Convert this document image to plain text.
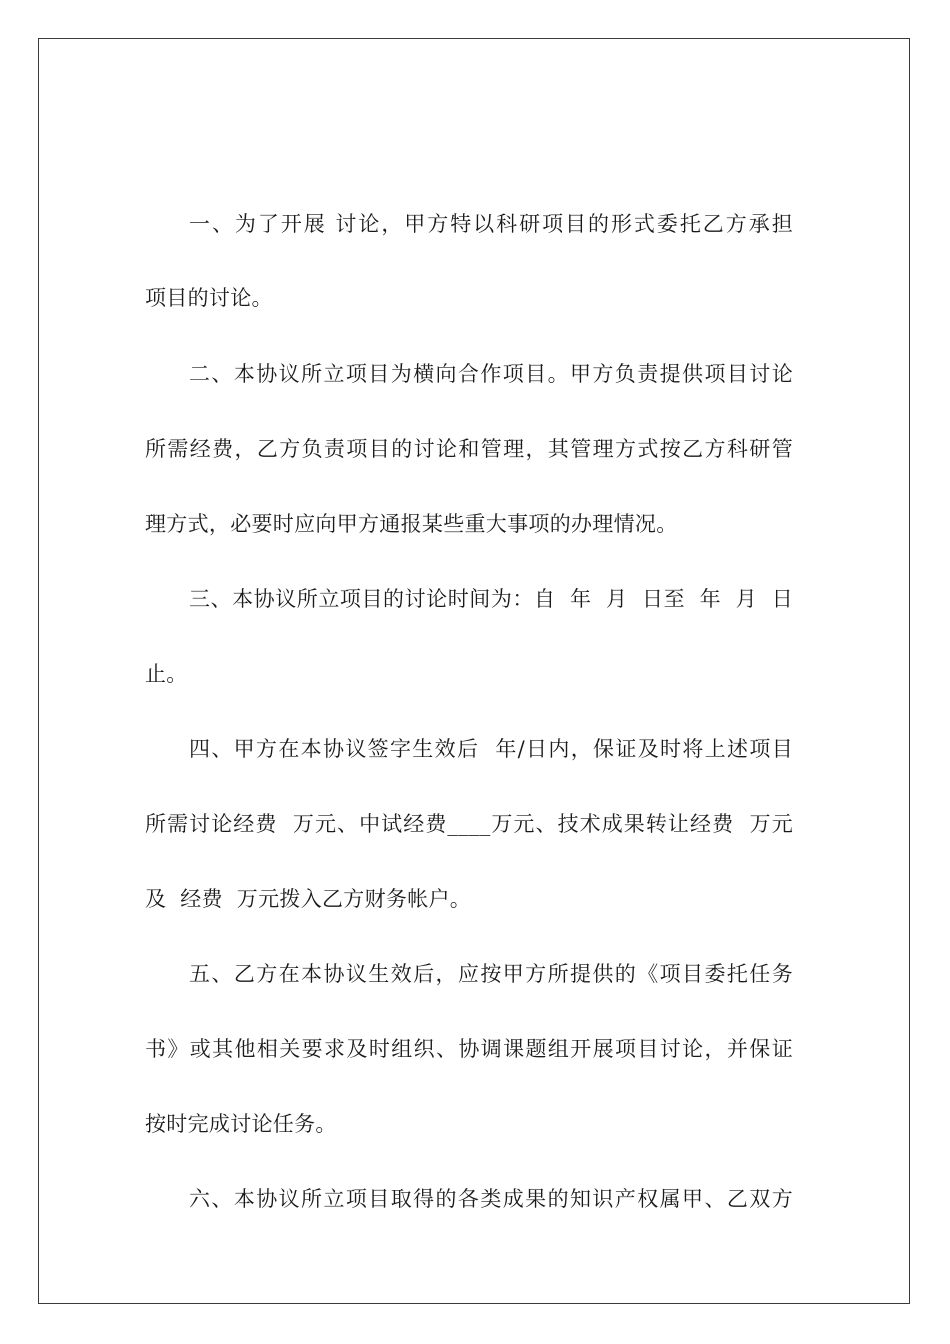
一、为了开展 讨论，甲方特以科研项目的形式委托乙方承担
项目的讨论。
二、本协议所立项目为横向合作项目。甲方负责提供项目讨论
所需经费，乙方负责项目的讨论和管理，其管理方式按乙方科研管
理方式，必要时应向甲方通报某些重大事项的办理情况。
三、本协议所立项目的讨论时间为：自  年  月  日至  年  月  日
止。
四、甲方在本协议签字生效后  年/日内，保证及时将上述项目
所需讨论经费  万元、中试经费____万元、技术成果转让经费  万元
及  经费  万元拨入乙方财务帐户。
五、乙方在本协议生效后，应按甲方所提供的《项目委托任务
书》或其他相关要求及时组织、协调课题组开展项目讨论，并保证
按时完成讨论任务。
六、本协议所立项目取得的各类成果的知识产权属甲、乙双方
